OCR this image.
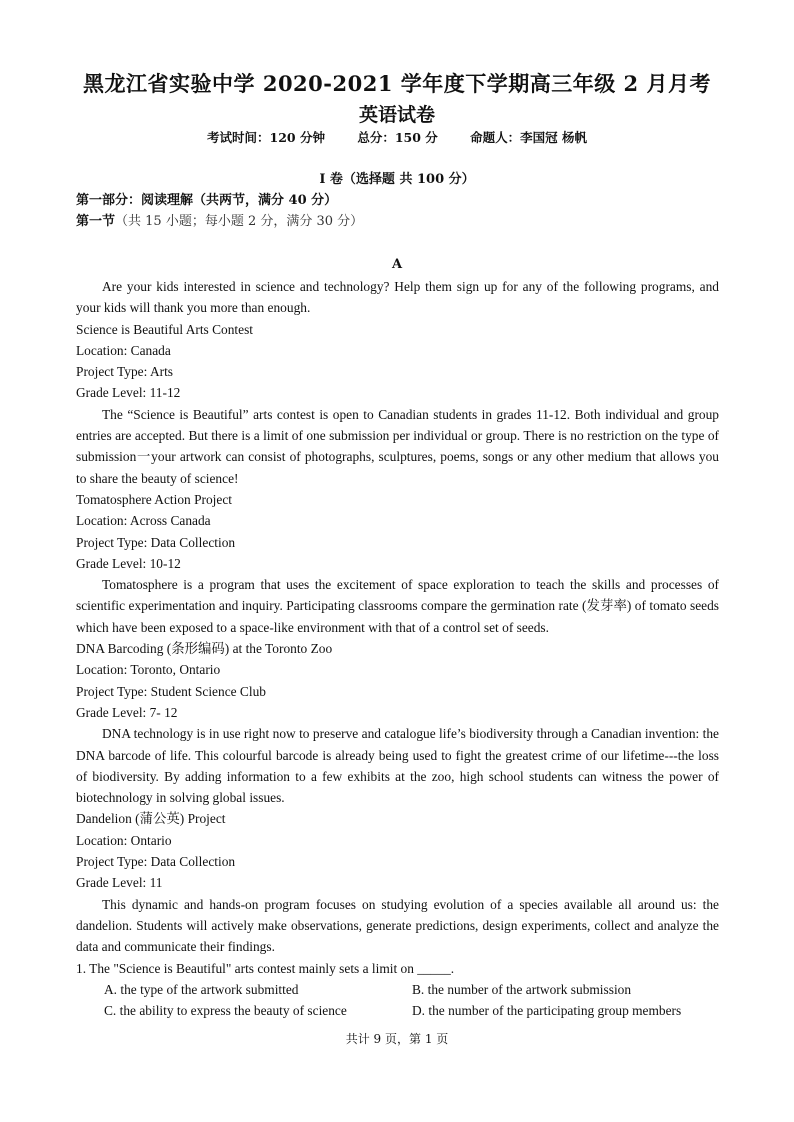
黑龙江省实验中学 2020-2021 学年度下学期高三年级 2 月月考
英语试卷
考试时间：120 分钟	总分：150 分	命题人：李国冠 杨帆
I 卷（选择题 共 100 分）
第一部分：阅读理解（共两节，满分 40 分）
第一节（共 15 小题；每小题 2 分，满分 30 分）
A

Are your kids interested in science and technology? Help them sign up for any of the following programs, and your kids will thank you more than enough.

Science is Beautiful Arts Contest

Location: Canada

Project Type: Arts

Grade Level: 11-12

The “Science is Beautiful” arts contest is open to Canadian students in grades 11-12. Both individual and group entries are accepted. But there is a limit of one submission per individual or group. There is no restriction on the type of submission一your artwork can consist of photographs, sculptures, poems, songs or any other medium that allows you to share the beauty of science!

Tomatosphere Action Project

Location: Across Canada

Project Type: Data Collection

Grade Level: 10-12

Tomatosphere is a program that uses the excitement of space exploration to teach the skills and processes of scientific experimentation and inquiry. Participating classrooms compare the germination rate (发芽率) of tomato seeds which have been exposed to a space-like environment with that of a control set of seeds.

DNA Barcoding (条形编码) at the Toronto Zoo

Location: Toronto, Ontario

Project Type: Student Science Club

Grade Level: 7- 12

DNA technology is in use right now to preserve and catalogue life’s biodiversity through a Canadian invention: the DNA barcode of life. This colourful barcode is already being used to fight the greatest crime of our lifetime---the loss of biodiversity. By adding information to a few exhibits at the zoo, high school students can witness the power of biotechnology in solving global issues.

Dandelion (蒲公英) Project

Location: Ontario

Project Type: Data Collection

Grade Level: 11

This dynamic and hands-on program focuses on studying evolution of a species available all around us: the dandelion. Students will actively make observations, generate predictions, design experiments, collect and analyze the data and communicate their findings.

1. The "Science is Beautiful" arts contest mainly sets a limit on _____.

A. the type of the artwork submitted	B. the number of the artwork submission
C. the ability to express the beauty of science	D. the number of the participating group members
共计 9 页，第 1 页
